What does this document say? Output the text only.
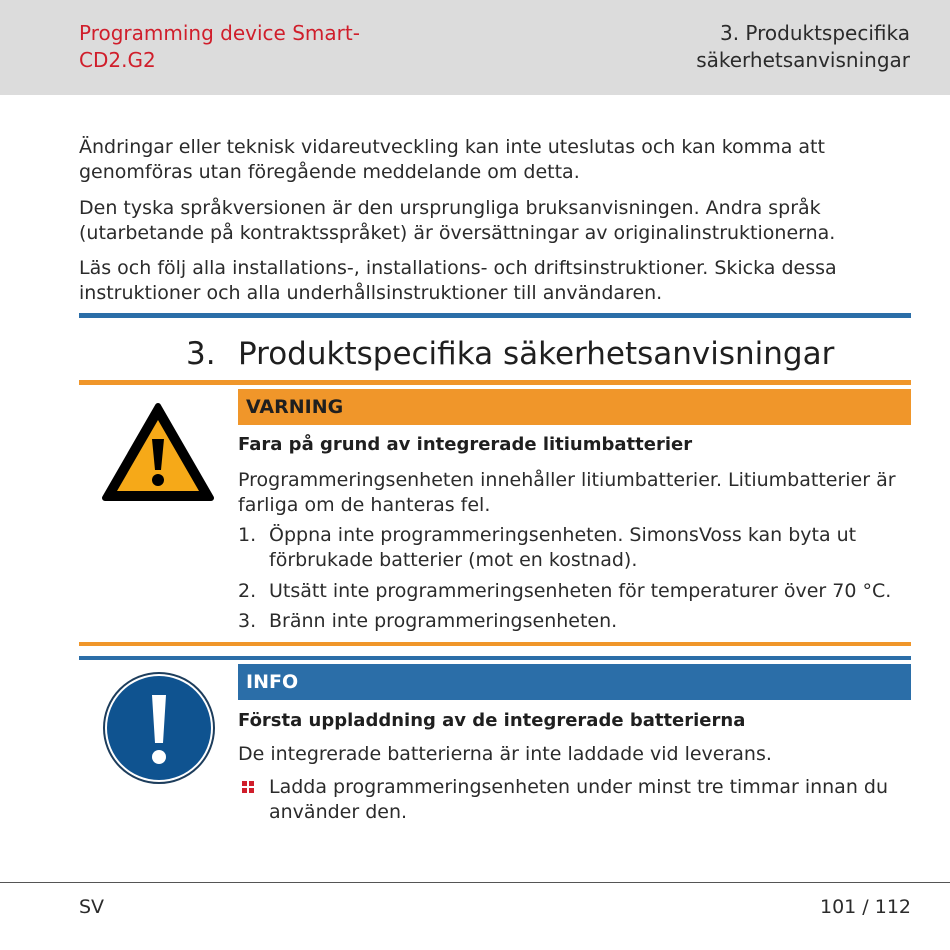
Programming device Smart-CD2.G2
3. Produktspecifika säkerhetsanvisningar

Ändringar eller teknisk vidareutveckling kan inte uteslutas och kan komma att genomföras utan föregående meddelande om detta.

Den tyska språkversionen är den ursprungliga bruksanvisningen. Andra språk (utarbetande på kontraktsspråket) är översättningar av originalinstruktionerna.

Läs och följ alla installations-, installations- och driftsinstruktioner. Skicka dessa instruktioner och alla underhållsinstruktioner till användaren.

3. Produktspecifika säkerhetsanvisningar
VARNING
Fara på grund av integrerade litiumbatterier
Programmeringsenheten innehåller litiumbatterier. Litiumbatterier är farliga om de hanteras fel.
1. Öppna inte programmeringsenheten. SimonsVoss kan byta ut förbrukade batterier (mot en kostnad).
2. Utsätt inte programmeringsenheten för temperaturer över 70 °C.
3. Bränn inte programmeringsenheten.
INFO
Första uppladdning av de integrerade batterierna
De integrerade batterierna är inte laddade vid leverans.
Ladda programmeringsenheten under minst tre timmar innan du använder den.
SV	101 / 112
